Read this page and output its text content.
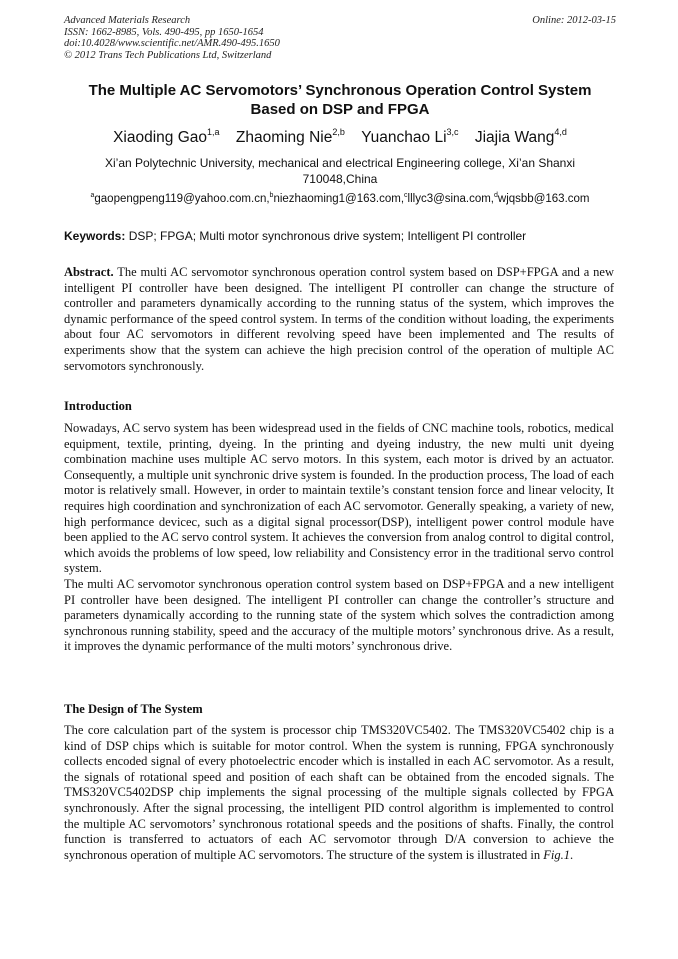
Advanced Materials Research
ISSN: 1662-8985, Vols. 490-495, pp 1650-1654
doi:10.4028/www.scientific.net/AMR.490-495.1650
© 2012 Trans Tech Publications Ltd, Switzerland
Online: 2012-03-15
The Multiple AC Servomotors’ Synchronous Operation Control System
Based on DSP and FPGA
Xiaoding Gao$^{1,a}$ Zhaoming Nie$^{2,b}$ Yuanchao Li$^{3,c}$ Jiajia Wang$^{4,d}$
Xi’an Polytechnic University, mechanical and electrical Engineering college, Xi’an Shanxi
710048,China
$^a$gaopengpeng119@yahoo.com.cn,$^b$niezhaoming1@163.com,$^c$lllyc3@sina.com,$^d$wjqsbb@163.com
Keywords: DSP; FPGA; Multi motor synchronous drive system; Intelligent PI controller

Abstract. The multi AC servomotor synchronous operation control system based on DSP+FPGA and a new intelligent PI controller have been designed. The intelligent PI controller can change the structure of controller and parameters dynamically according to the running status of the system, which improves the dynamic performance of the speed control system. In terms of the condition without loading, the experiments about four AC servomotors in different revolving speed have been implemented and The results of experiments show that the system can achieve the high precision control of the operation of multiple AC servomotors synchronously.

Introduction

Nowadays, AC servo system has been widespread used in the fields of CNC machine tools, robotics, medical equipment, textile, printing, dyeing. In the printing and dyeing industry, the new multi unit dyeing combination machine uses multiple AC servo motors. In this system, each motor is drived by an actuator. Consequently, a multiple unit synchronic drive system is founded. In the production process, The load of each motor is relatively small. However, in order to maintain textile’s constant tension force and linear velocity, It requires high coordination and synchronization of each AC servomotor. Generally speaking, a variety of new, high performance devicec, such as a digital signal processor(DSP), intelligent power control module have been applied to the AC servo control system. It achieves the conversion from analog control to digital control, which avoids the problems of low speed, low reliability and Consistency error in the traditional servo control system.

The multi AC servomotor synchronous operation control system based on DSP+FPGA and a new intelligent PI controller have been designed. The intelligent PI controller can change the controller’s structure and parameters dynamically according to the running state of the system which solves the contradiction among synchronous running stability, speed and the accuracy of the multiple motors’ synchronous drive. As a result, it improves the dynamic performance of the multi motors’ synchronous drive.

The Design of The System

The core calculation part of the system is processor chip TMS320VC5402. The TMS320VC5402 chip is a kind of DSP chips which is suitable for motor control. When the system is running, FPGA synchronously collects encoded signal of every photoelectric encoder which is installed in each AC servomotor. As a result, the signals of rotational speed and position of each shaft can be obtained from the encoded signals. The TMS320VC5402DSP chip implements the signal processing of the multiple signals collected by FPGA synchronously. After the signal processing, the intelligent PID control algorithm is implemented to control the multiple AC servomotors’ synchronous rotational speeds and the positions of shafts. Finally, the control function is transferred to actuators of each AC servomotor through D/A conversion to achieve the synchronous operation of multiple AC servomotors. The structure of the system is illustrated in Fig.1.
